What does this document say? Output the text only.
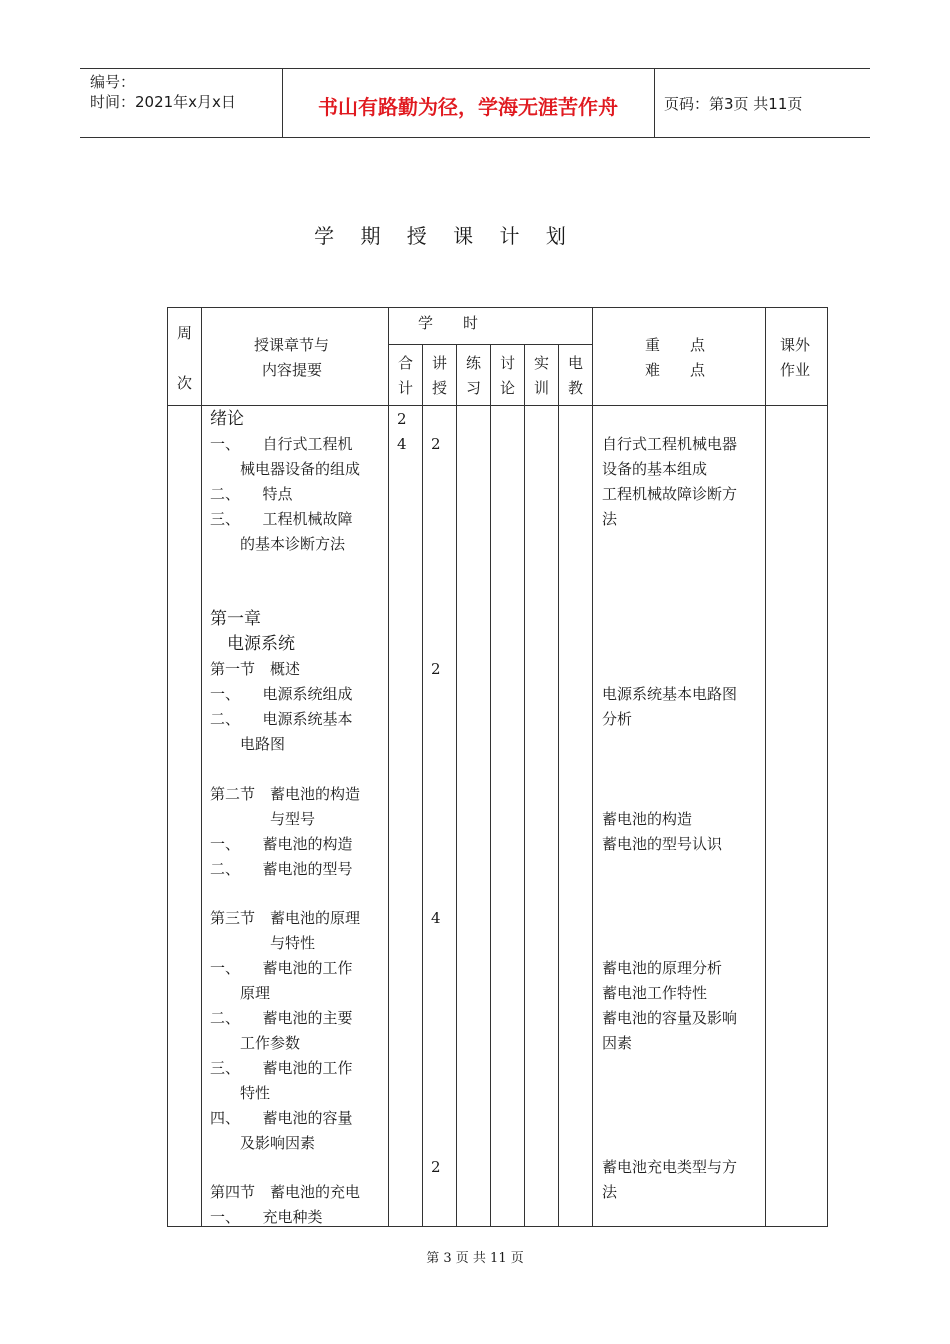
编号：
时间：2021年x月x日	书山有路勤为径，学海无涯苦作舟	页码：第3页 共11页
学 期 授 课 计 划
周
次
授课章节与
内容提要
学　　时
合
计
讲
授
练
习
讨
论
实
训
电
教
重　　点
难　　点
课外
作业
绪论
一、　　自行式工程机
　　械电器设备的组成
二、　　特点
三、　　工程机械故障
　　的基本诊断方法
第一章
　电源系统
第一节　概述
一、　　电源系统组成
二、　　电源系统基本
　　电路图
第二节　蓄电池的构造
　　　　与型号
一、　　蓄电池的构造
二、　　蓄电池的型号
第三节　蓄电池的原理
　　　　与特性
一、　　蓄电池的工作
　　原理
二、　　蓄电池的主要
　　工作参数
三、　　蓄电池的工作
　　特性
四、　　蓄电池的容量
　　及影响因素
第四节　蓄电池的充电
一、　　充电种类
2
4 2
2
4
2
自行式工程机械电器
设备的基本组成
工程机械故障诊断方
法
电源系统基本电路图
分析
蓄电池的构造
蓄电池的型号认识
蓄电池的原理分析
蓄电池工作特性
蓄电池的容量及影响
因素
蓄电池充电类型与方
法
第 3 页 共 11 页
